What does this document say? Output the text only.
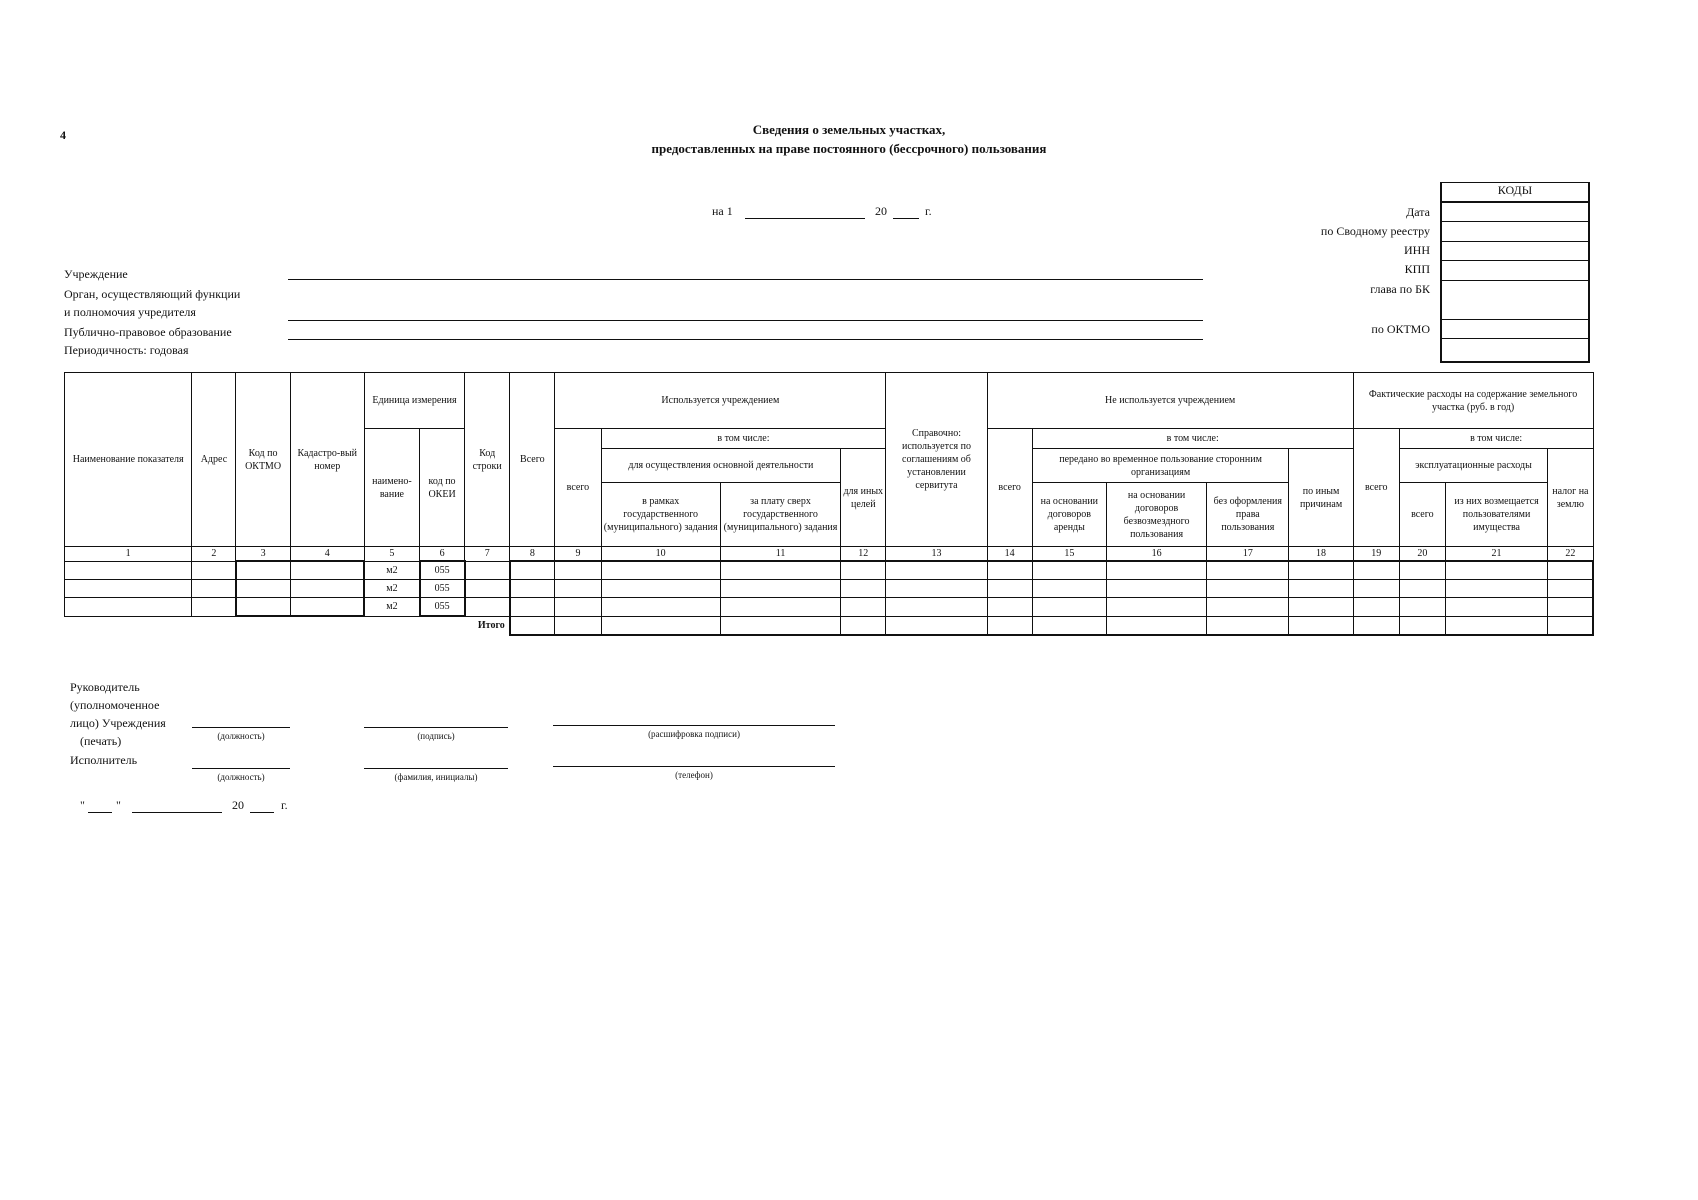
4	Сведения о земельных участках,
предоставленных на праве постоянного (бессрочного) пользования
на 1	20	г.
КОДЫ
Дата
по Сводному реестру
ИНН
КПП
глава по БК
по ОКТМО
Учреждение
Орган, осуществляющий функции
и полномочия учредителя
Публично-правовое образование
Периодичность: годовая
Наименование показателя	Адрес	Код по ОКТМО	Кадастро-вый номер	Единица измерения		Код строки	Всего	Используется учреждением				Справочно: используется по соглашениям об установлении сервитута	Не используется учреждением					Фактические расходы на содержание земельного участка (руб. в год)			
				наимено-вание	код по ОКЕИ			всего	в том числе:				всего	в том числе:				всего	в том числе:		
									для осуществления основной деятельности		для иных целей			передано во временное пользование сторонним организациям			по иным причинам		эксплуатационные расходы		налог на землю
									в рамках государственного (муниципального) задания	за плату сверх государственного (муниципального) задания				на основании договоров аренды	на основании договоров безвозмездного пользования	без оформления права пользования			всего	из них возмещается пользователями имущества	
1	2	3	4	5	6	7	8	9	10	11	12	13	14	15	16	17	18	19	20	21	22
				м2	055																
				м2	055																
				м2	055																
					Итого																
Руководитель
(уполномоченное
лицо) Учреждения
(печать)
Исполнитель
(должность)	(подпись)	(расшифровка подписи)
(должность)	(фамилия, инициалы)	(телефон)
"	"	20	г.
